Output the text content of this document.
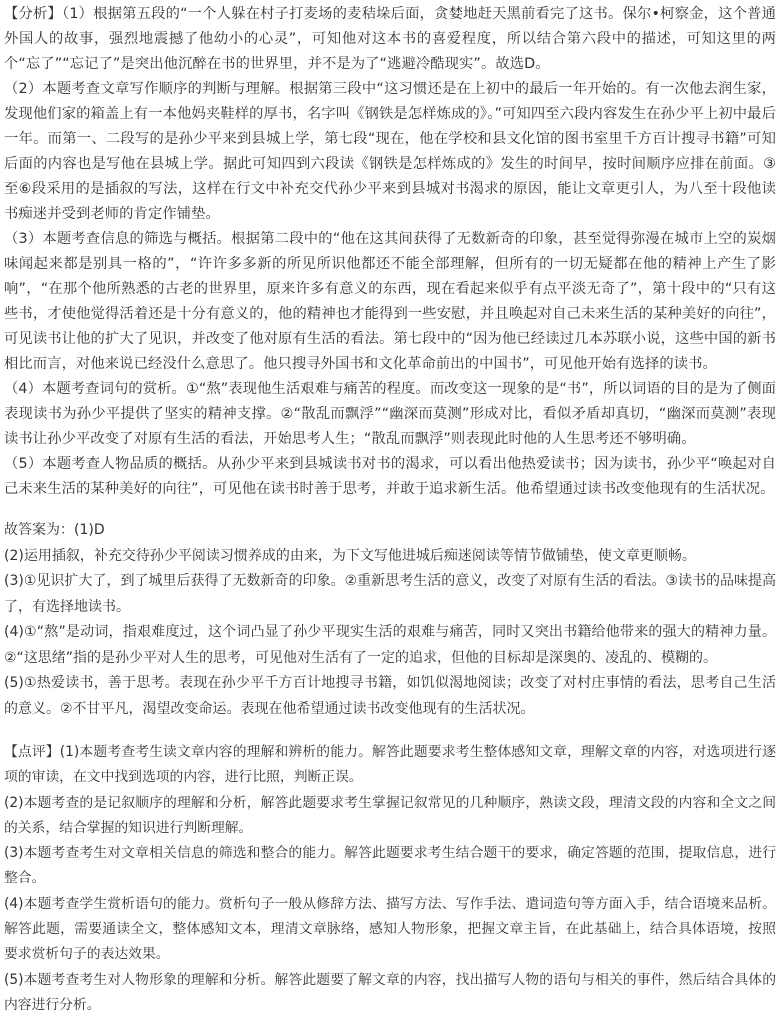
【分析】（1）根据第五段的“一个人躲在村子打麦场的麦秸垛后面，贪婪地赶天黑前看完了这书。保尔•柯察金，这个普通外国人的故事，强烈地震撼了他幼小的心灵”，可知他对这本书的喜爱程度，所以结合第六段中的描述，可知这里的两个“忘了”“忘记了”是突出他沉醉在书的世界里，并不是为了“逃避冷酷现实”。故选D。

（2）本题考查文章写作顺序的判断与理解。根据第三段中“这习惯还是在上初中的最后一年开始的。有一次他去润生家，发现他们家的箱盖上有一本他妈夹鞋样的厚书，名字叫《钢铁是怎样炼成的》。”可知四至六段内容发生在孙少平上初中最后一年。而第一、二段写的是孙少平来到县城上学，第七段“现在，他在学校和县文化馆的图书室里千方百计搜寻书籍”可知后面的内容也是写他在县城上学。据此可知四到六段读《钢铁是怎样炼成的》发生的时间早，按时间顺序应排在前面。③至⑥段采用的是插叙的写法，这样在行文中补充交代孙少平来到县城对书渴求的原因，能让文章更引人，为八至十段他读书痴迷并受到老师的肯定作铺垫。

（3）本题考查信息的筛选与概括。根据第二段中的“他在这其间获得了无数新奇的印象，甚至觉得弥漫在城市上空的炭烟味闻起来都是别具一格的”，“许许多多新的所见所识他都还不能全部理解，但所有的一切无疑都在他的精神上产生了影响”，“在那个他所熟悉的古老的世界里，原来许多有意义的东西，现在看起来似乎有点平淡无奇了”，第十段中的“只有这些书，才使他觉得活着还是十分有意义的，他的精神也才能得到一些安慰，并且唤起对自己未来生活的某种美好的向往”，可见读书让他的扩大了见识，并改变了他对原有生活的看法。第七段中的“因为他已经读过几本苏联小说，这些中国的新书相比而言，对他来说已经没什么意思了。他只搜寻外国书和文化革命前出的中国书”，可见他开始有选择的读书。

（4）本题考查词句的赏析。①“熬”表现他生活艰难与痛苦的程度。而改变这一现象的是“书”，所以词语的目的是为了侧面表现读书为孙少平提供了坚实的精神支撑。②“散乱而飘浮”“幽深而莫测”形成对比，看似矛盾却真切，“幽深而莫测”表现读书让孙少平改变了对原有生活的看法，开始思考人生；“散乱而飘浮”则表现此时他的人生思考还不够明确。

（5）本题考查人物品质的概括。从孙少平来到县城读书对书的渴求，可以看出他热爱读书；因为读书，孙少平“唤起对自己未来生活的某种美好的向往”，可见他在读书时善于思考，并敢于追求新生活。他希望通过读书改变他现有的生活状况。

故答案为：(1)D

(2)运用插叙，补充交待孙少平阅读习惯养成的由来，为下文写他进城后痴迷阅读等情节做铺垫，使文章更顺畅。

(3)①见识扩大了，到了城里后获得了无数新奇的印象。②重新思考生活的意义，改变了对原有生活的看法。③读书的品味提高了，有选择地读书。

(4)①“熬”是动词，指艰难度过，这个词凸显了孙少平现实生活的艰难与痛苦，同时又突出书籍给他带来的强大的精神力量。②“这思绪”指的是孙少平对人生的思考，可见他对生活有了一定的追求，但他的目标却是深奥的、凌乱的、模糊的。

(5)①热爱读书，善于思考。表现在孙少平千方百计地搜寻书籍，如饥似渴地阅读；改变了对村庄事情的看法，思考自己生活的意义。②不甘平凡，渴望改变命运。表现在他希望通过读书改变他现有的生活状况。

【点评】(1)本题考查考生读文章内容的理解和辨析的能力。解答此题要求考生整体感知文章，理解文章的内容，对选项进行逐项的审读，在文中找到选项的内容，进行比照，判断正误。

(2)本题考查的是记叙顺序的理解和分析，解答此题要求考生掌握记叙常见的几种顺序，熟读文段，理清文段的内容和全文之间的关系，结合掌握的知识进行判断理解。

(3)本题考查考生对文章相关信息的筛选和整合的能力。解答此题要求考生结合题干的要求，确定答题的范围，提取信息，进行整合。

(4)本题考查学生赏析语句的能力。赏析句子一般从修辞方法、描写方法、写作手法、遣词造句等方面入手，结合语境来品析。解答此题，需要通读全文，整体感知文本，理清文章脉络，感知人物形象，把握文章主旨，在此基础上，结合具体语境，按照要求赏析句子的表达效果。

(5)本题考查考生对人物形象的理解和分析。解答此题要了解文章的内容，找出描写人物的语句与相关的事件，然后结合具体的内容进行分析。
